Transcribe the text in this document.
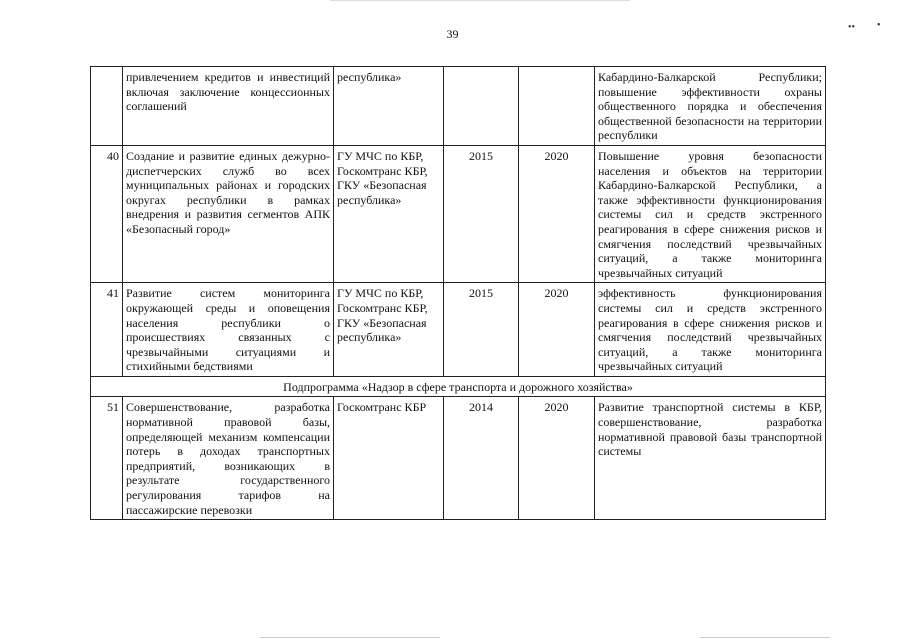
39	•• •
	привлечением кредитов и инвестиций включая заключение концессионных соглашений	республика»			Кабардино-Балкарской Республики; повышение эффективности охраны общественного порядка и обеспечения общественной безопасности на территории республики
40	Создание и развитие единых дежурно-диспетчерских служб во всех муниципальных районах и городских округах республики в рамках внедрения и развития сегментов АПК «Безопасный город»	ГУ МЧС по КБР, Госкомтранс КБР, ГКУ «Безопасная республика»	2015	2020	Повышение уровня безопасности населения и объектов на территории Кабардино-Балкарской Республики, а также эффективности функционирования системы сил и средств экстренного реагирования в сфере снижения рисков и смягчения последствий чрезвычайных ситуаций, а также мониторинга чрезвычайных ситуаций
41	Развитие систем мониторинга окружающей среды и оповещения населения республики о происшествиях связанных с чрезвычайными ситуациями и стихийными бедствиями	ГУ МЧС по КБР, Госкомтранс КБР, ГКУ «Безопасная республика»	2015	2020	эффективность функционирования системы сил и средств экстренного реагирования в сфере снижения рисков и смягчения последствий чрезвычайных ситуаций, а также мониторинга чрезвычайных ситуаций
Подпрограмма «Надзор в сфере транспорта и дорожного хозяйства»					
51	Совершенствование, разработка нормативной правовой базы, определяющей механизм компенсации потерь в доходах транспортных предприятий, возникающих в результате государственного регулирования тарифов на пассажирские перевозки	Госкомтранс КБР	2014	2020	Развитие транспортной системы в КБР, совершенствование, разработка нормативной правовой базы транспортной системы
